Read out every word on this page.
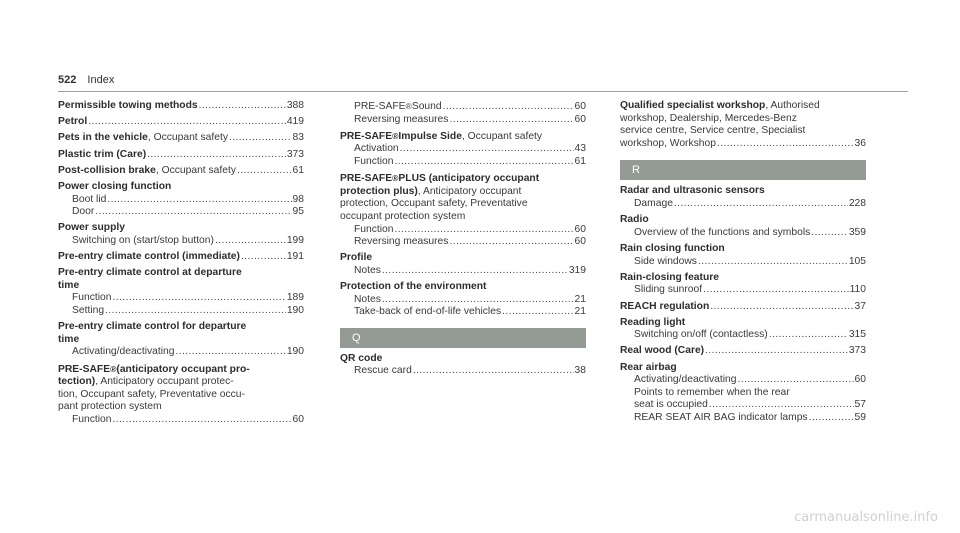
522 Index
Permissible towing methods .....	388
Petrol .....	419
Pets in the vehicle , Occupant safety .....	83
Plastic trim (Care) .....	373
Post-collision brake , Occupant safety .....	61
Power closing function
Boot lid .....	98
Door .....	95
Power supply
Switching on (start/stop button) .....	199
Pre-entry climate control (immediate) .....	191
Pre-entry climate control at departure
time
Function .....	189
Setting .....	190
Pre-entry climate control for departure
time
Activating/deactivating .....	190
PRE-SAFE ® (anticipatory occupant pro-
tection) , Anticipatory occupant protec-
tion, Occupant safety, Preventative occu-
pant protection system
Function .....	60
PRE-SAFE ® Sound .....	60
Reversing measures .....	60
PRE-SAFE ® Impulse Side , Occupant safety
Activation .....	43
Function .....	61
PRE-SAFE ® PLUS (anticipatory occupant
protection plus) , Anticipatory occupant
protection, Occupant safety, Preventative
occupant protection system
Function .....	60
Reversing measures .....	60
Profile
Notes .....	319
Protection of the environment
Notes .....	21
Take-back of end-of-life vehicles .....	21
Q
QR code
Rescue card .....	38
Qualified specialist workshop , Authorised
workshop, Dealership, Mercedes-Benz
service centre, Service centre, Specialist
workshop, Workshop .....	36
R
Radar and ultrasonic sensors
Damage .....	228
Radio
Overview of the functions and symbols .....	359
Rain closing function
Side windows .....	105
Rain-closing feature
Sliding sunroof .....	110
REACH regulation .....	37
Reading light
Switching on/off (contactless) .....	315
Real wood (Care) .....	373
Rear airbag
Activating/deactivating .....	60
Points to remember when the rear
seat is occupied .....	57
REAR SEAT AIR BAG indicator lamps .....	59
carmanualsonline.info
